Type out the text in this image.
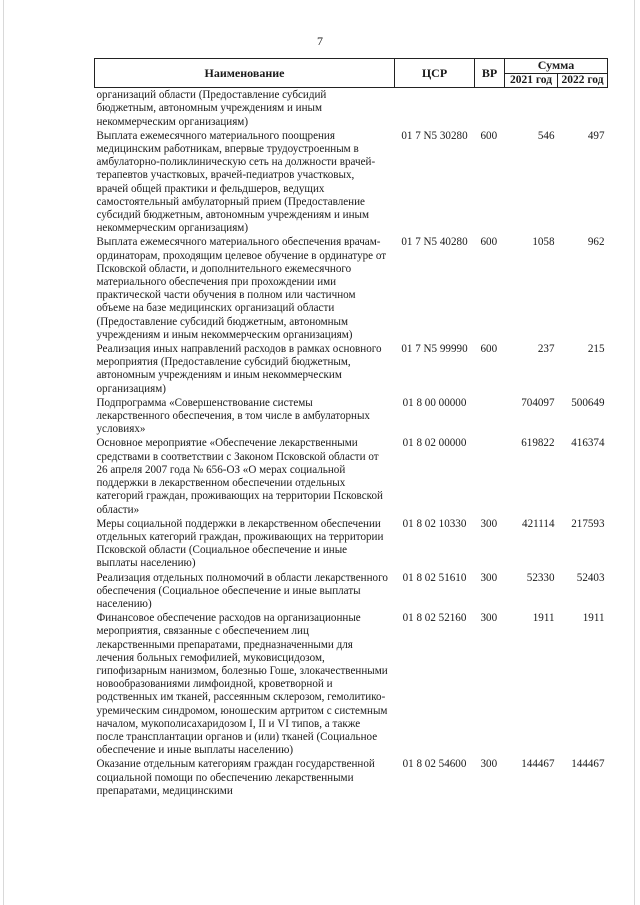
7
Наименование	ЦСР	ВР	Сумма	
			2021 год	2022 год
организаций области (Предоставление субсидий бюджетным, автономным учреждениям и иным некоммерческим организациям)				
Выплата ежемесячного материального поощрения медицинским работникам, впервые трудоустроенным в амбулаторно-поликлиническую сеть на должности врачей-терапевтов участковых, врачей-педиатров участковых, врачей общей практики и фельдшеров, ведущих самостоятельный амбулаторный прием (Предоставление субсидий бюджетным, автономным учреждениям и иным некоммерческим организациям)	01 7 N5 30280	600	546	497
Выплата ежемесячного материального обеспечения врачам-ординаторам, проходящим целевое обучение в ординатуре от Псковской области, и дополнительного ежемесячного материального обеспечения при прохождении ими практической части обучения в полном или частичном объеме на базе медицинских организаций области (Предоставление субсидий бюджетным, автономным учреждениям и иным некоммерческим организациям)	01 7 N5 40280	600	1058	962
Реализация иных направлений расходов в рамках основного мероприятия (Предоставление субсидий бюджетным, автономным учреждениям и иным некоммерческим организациям)	01 7 N5 99990	600	237	215
Подпрограмма «Совершенствование системы лекарственного обеспечения, в том числе в амбулаторных условиях»	01 8 00 00000		704097	500649
Основное мероприятие «Обеспечение лекарственными средствами в соответствии с Законом Псковской области от 26 апреля 2007 года № 656-ОЗ «О мерах социальной поддержки в лекарственном обеспечении отдельных категорий граждан, проживающих на территории Псковской области»	01 8 02 00000		619822	416374
Меры социальной поддержки в лекарственном обеспечении отдельных категорий граждан, проживающих на территории Псковской области (Социальное обеспечение и иные выплаты населению)	01 8 02 10330	300	421114	217593
Реализация отдельных полномочий в области лекарственного обеспечения (Социальное обеспечение и иные выплаты населению)	01 8 02 51610	300	52330	52403
Финансовое обеспечение расходов на организационные мероприятия, связанные с обеспечением лиц лекарственными препаратами, предназначенными для лечения больных гемофилией, муковисцидозом, гипофизарным нанизмом, болезнью Гоше, злокачественными новообразованиями лимфоидной, кроветворной и родственных им тканей, рассеянным склерозом, гемолитико-уремическим синдромом, юношеским артритом с системным началом, мукополисахаридозом I, II и VI типов, а также после трансплантации органов и (или) тканей (Социальное обеспечение и иные выплаты населению)	01 8 02 52160	300	1911	1911
Оказание отдельным категориям граждан государственной социальной помощи по обеспечению лекарственными препаратами, медицинскими	01 8 02 54600	300	144467	144467
